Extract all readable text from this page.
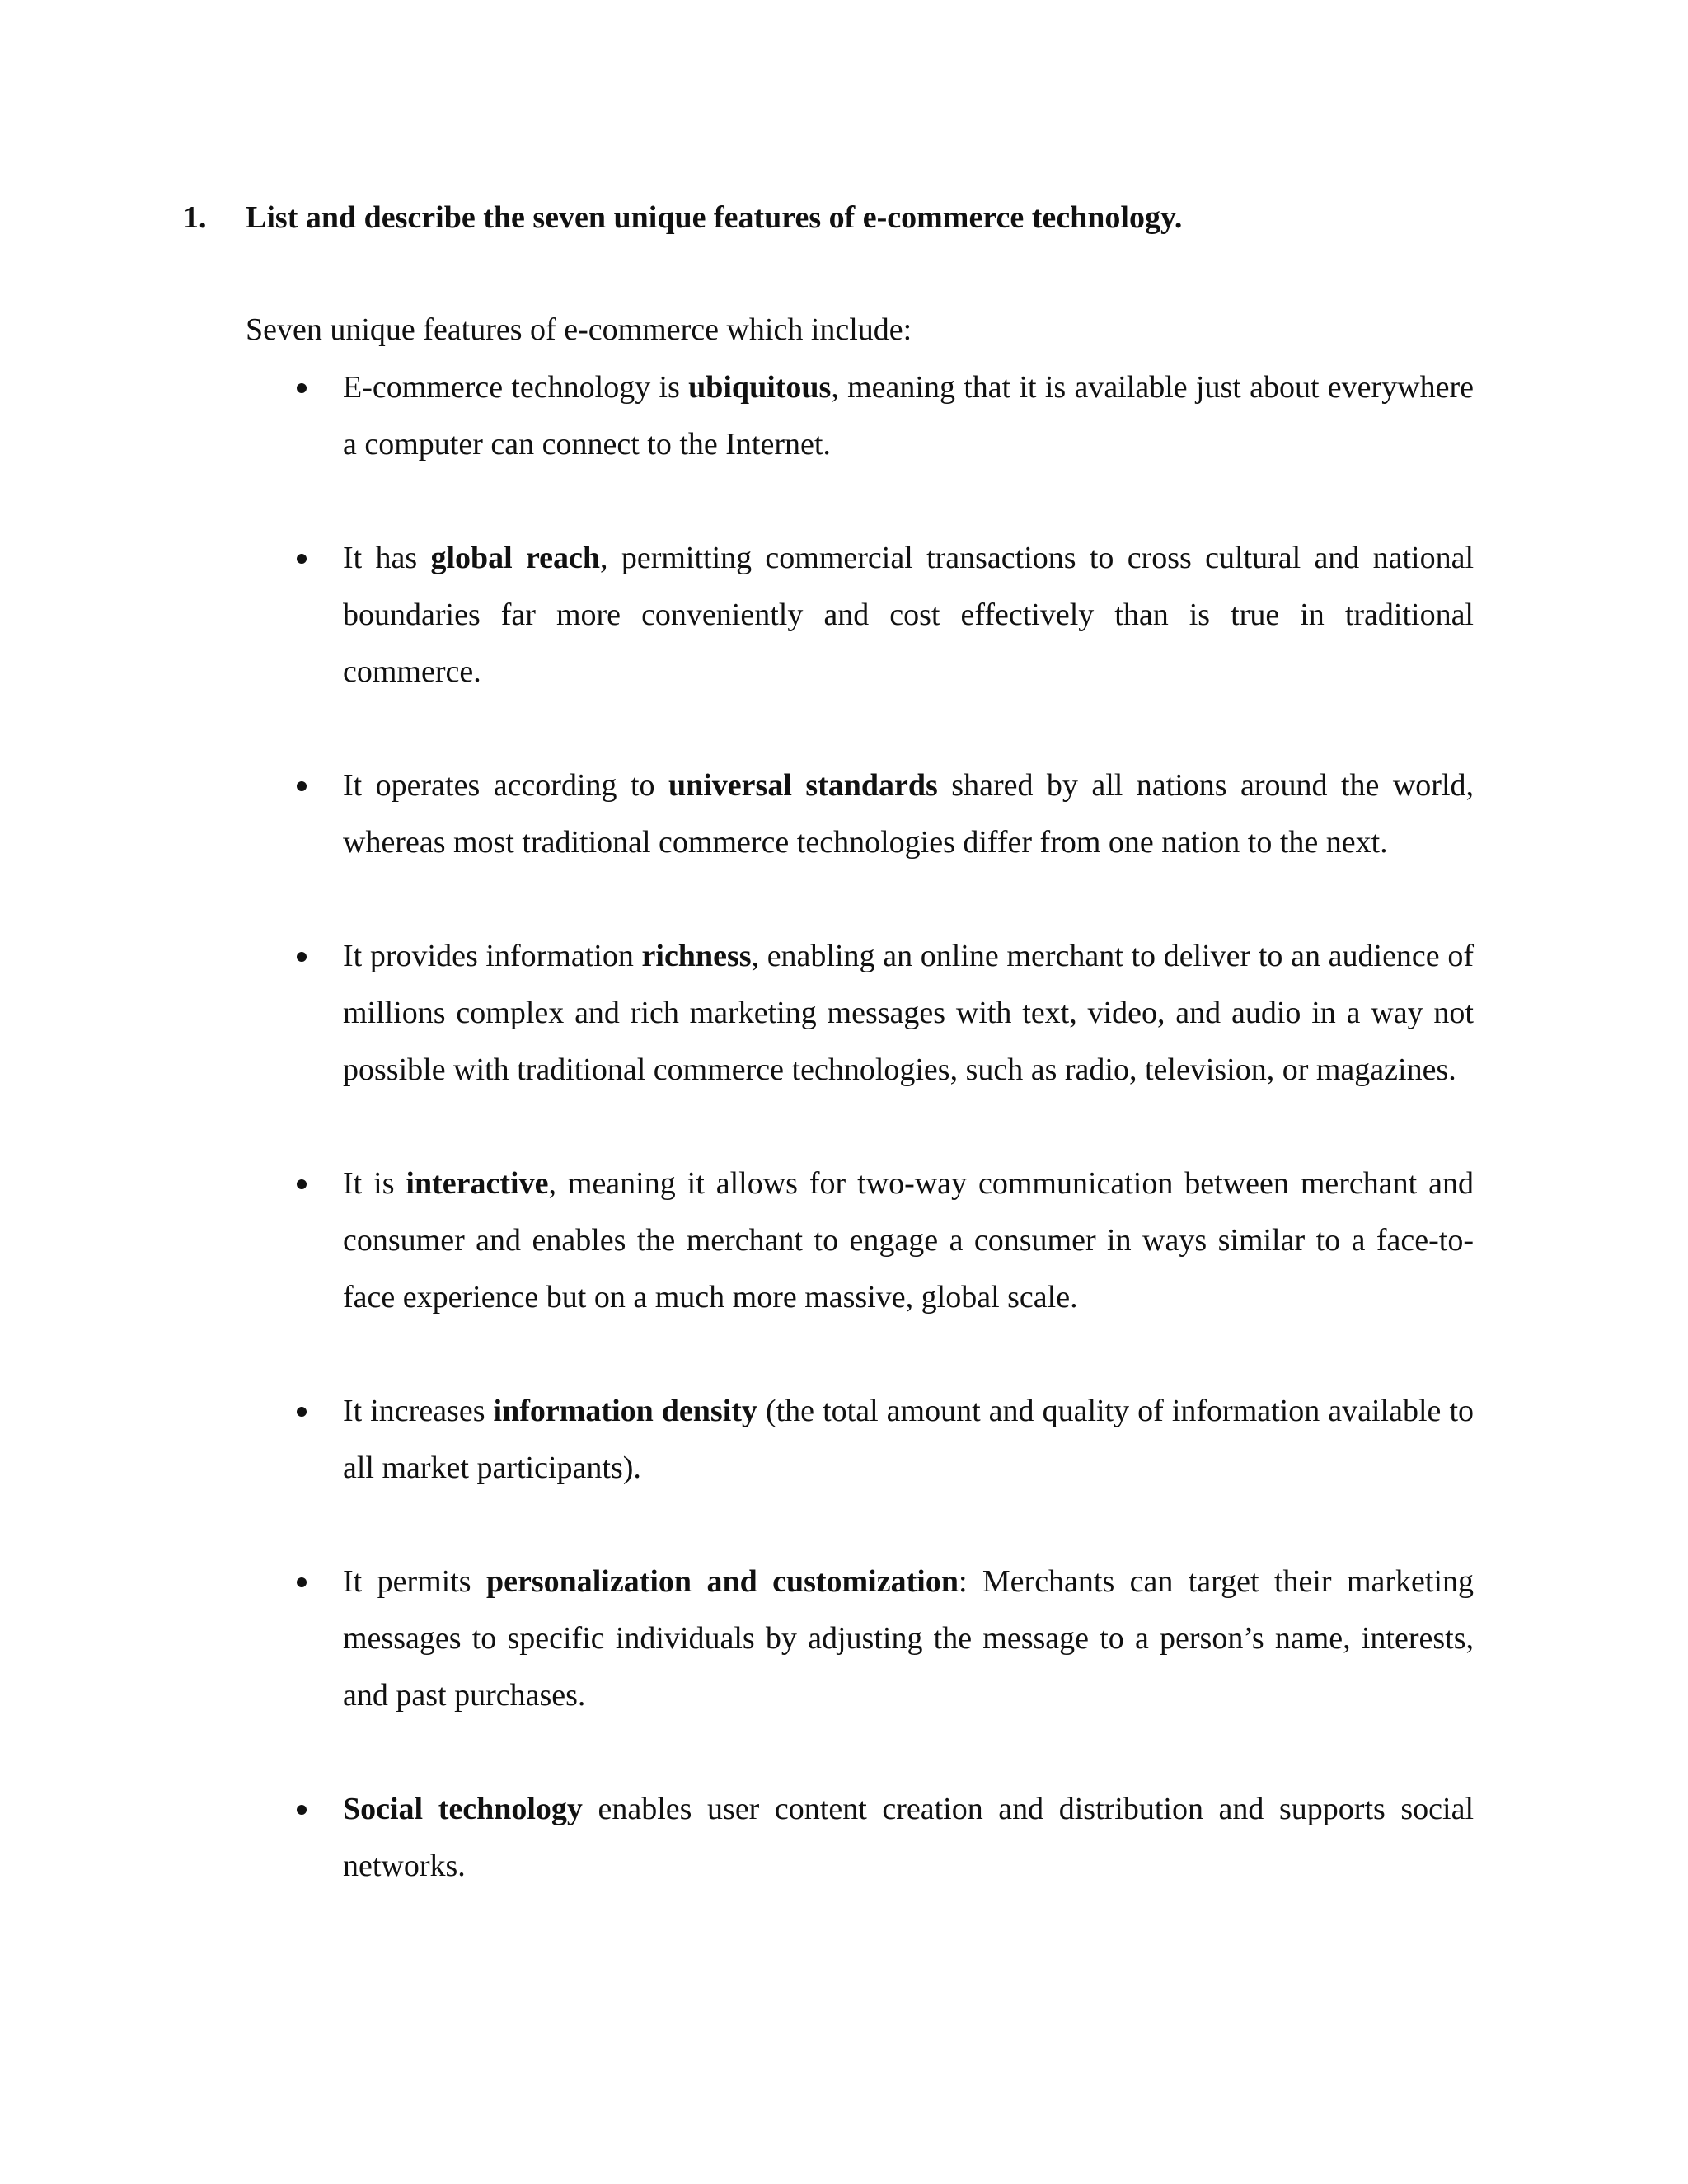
1. List and describe the seven unique features of e-commerce technology.
Seven unique features of e-commerce which include:
E-commerce technology is ubiquitous, meaning that it is available just about everywhere a computer can connect to the Internet.
It has global reach, permitting commercial transactions to cross cultural and national boundaries far more conveniently and cost effectively than is true in traditional commerce.
It operates according to universal standards shared by all nations around the world, whereas most traditional commerce technologies differ from one nation to the next.
It provides information richness, enabling an online merchant to deliver to an audience of millions complex and rich marketing messages with text, video, and audio in a way not possible with traditional commerce technologies, such as radio, television, or magazines.
It is interactive, meaning it allows for two-way communication between merchant and consumer and enables the merchant to engage a consumer in ways similar to a face-to-face experience but on a much more massive, global scale.
It increases information density (the total amount and quality of information available to all market participants).
It permits personalization and customization: Merchants can target their marketing messages to specific individuals by adjusting the message to a person’s name, interests, and past purchases.
Social technology enables user content creation and distribution and supports social networks.
